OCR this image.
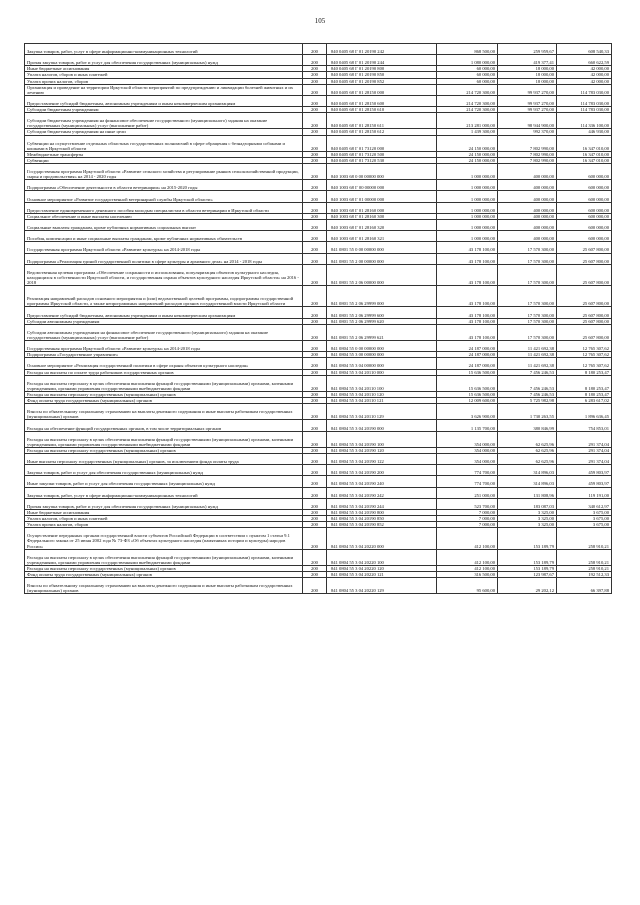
105
Закупка товаров, работ, услуг в сфере информационно-коммуникационных технологий	200	840 0405 68 Г 01 20190 242	868 500,00	259 959,67	608 540,33
Прочая закупка товаров, работ и услуг для обеспечения государственных (муниципальных) нужд	200	840 0405 68 Г 01 20190 244	1 080 000,00	419 377,41	660 622,59
Иные бюджетные ассигнования	200	840 0405 68 Г 01 20190 800	60 000,00	18 000,00	42 000,00
Уплата налогов, сборов и иных платежей	200	840 0405 68 Г 01 20190 850	60 000,00	18 000,00	42 000,00
Уплата прочих налогов, сборов	200	840 0405 68 Г 01 20190 852	60 000,00	18 000,00	42 000,00
Организация и проведение на территории Иркутской области мероприятий по предупреждению и ликвидации болезней животных и их лечению	200	840 0405 68 Г 01 28150 000	214 720 300,00	99 937 270,00	114 783 030,00
Предоставление субсидий бюджетным, автономным учреждениям и иным некоммерческим организациям	200	840 0405 68 Г 01 28150 600	214 720 300,00	99 937 270,00	114 783 030,00
Субсидии бюджетным учреждениям	200	840 0405 68 Г 01 28150 610	214 720 300,00	99 937 270,00	114 783 030,00
Субсидии бюджетным учреждениям на финансовое обеспечение государственного (муниципального) задания на оказание государственных (муниципальных) услуг (выполнение работ)	200	840 0405 68 Г 01 28150 611	213 281 000,00	98 944 900,00	114 336 100,00
Субсидии бюджетным учреждениям на иные цели	200	840 0405 68 Г 01 28150 612	1 439 300,00	992 370,00	446 930,00
Субвенции на осуществление отдельных областных государственных полномочий в сфере обращения с безнадзорными собаками и кошками в Иркутской области	200	840 0405 68 Г 01 73120 000	24 150 000,00	7 802 990,00	16 347 010,00
Межбюджетные трансферты	200	840 0405 68 Г 01 73120 500	24 150 000,00	7 802 990,00	16 347 010,00
Субвенции	200	840 0405 68 Г 01 73120 530	24 150 000,00	7 802 990,00	16 347 010,00
Государственная программа Иркутской области «Развитие сельского хозяйства и регулирование рынков сельскохозяйственной продукции, сырья и продовольствия» на 2014 - 2020 годы	200	840 1003 68 0 00 00000 000	1 000 000,00	400 000,00	600 000,00
Подпрограмма «Обеспечение деятельности в области ветеринарии» на 2015-2020 годы	200	840 1003 68 Г 00 00000 000	1 000 000,00	400 000,00	600 000,00
Основное мероприятие «Развитие государственной ветеринарной службы Иркутской области»	200	840 1003 68 Г 01 00000 000	1 000 000,00	400 000,00	600 000,00
Предоставление единовременного денежного пособия молодым специалистам в области ветеринарии в Иркутской области	200	840 1003 68 Г 01 28160 000	1 000 000,00	400 000,00	600 000,00
Социальное обеспечение и иные выплаты населению	200	840 1003 68 Г 01 28160 300	1 000 000,00	400 000,00	600 000,00
Социальные выплаты гражданам, кроме публичных нормативных социальных выплат	200	840 1003 68 Г 01 28160 320	1 000 000,00	400 000,00	600 000,00
Пособия, компенсации и иные социальные выплаты гражданам, кроме публичных нормативных обязательств	200	840 1003 68 Г 01 28160 321	1 000 000,00	400 000,00	600 000,00
Государственная программа Иркутской области «Развитие культуры» на 2014-2018 годы	200	841 0801 55 0 00 00000 000	43 178 100,00	17 570 300,00	25 607 800,00
Подпрограмма «Реализация единой государственной политики в сфере культуры и архивного дела» на 2014 - 2018 годы	200	841 0801 55 2 00 00000 000	43 178 100,00	17 570 300,00	25 607 800,00
Ведомственная целевая программа «Обеспечение сохранности и использования, популяризация объектов культурного наследия, находящихся в собственности Иркутской области, и государственная охрана объектов культурного наследия Иркутской области» на 2016 - 2018	200	841 0801 55 2 06 00000 000	43 178 100,00	17 570 300,00	25 607 800,00
Реализация направлений расходов основного мероприятия и (или) ведомственной целевой программы, подпрограммы государственной программы Иркутской области, а также непрограммных направлений расходов органов государственной власти Иркутской области	200	841 0801 55 2 06 29999 000	43 178 100,00	17 570 300,00	25 607 800,00
Предоставление субсидий бюджетным, автономным учреждениям и иным некоммерческим организациям	200	841 0801 55 2 06 29999 600	43 178 100,00	17 570 300,00	25 607 800,00
Субсидии автономным учреждениям	200	841 0801 55 2 06 29999 620	43 178 100,00	17 570 300,00	25 607 800,00
Субсидии автономным учреждениям на финансовое обеспечение государственного (муниципального) задания на оказание государственных (муниципальных) услуг (выполнение работ)	200	841 0801 55 2 06 29999 621	43 178 100,00	17 570 300,00	25 607 800,00
Государственная программа Иркутской области «Развитие культуры» на 2014-2018 годы	200	841 0804 55 0 00 00000 000	24 187 000,00	11 421 692,38	12 765 307,62
Подпрограмма «Государственное управление»	200	841 0804 55 3 00 00000 000	24 187 000,00	11 421 692,38	12 765 307,62
Основное мероприятие «Реализация государственной политики в сфере охраны объектов культурного наследия»	200	841 0804 55 3 04 00000 000	24 187 000,00	11 421 692,38	12 765 307,62
Расходы на выплаты по оплате труда работников государственных органов	200	841 0804 55 3 04 20110 000	15 636 500,00	7 456 246,53	8 180 253,47
Расходы на выплаты персоналу в целях обеспечения выполнения функций государственными (муниципальными) органами, казенными учреждениями, органами управления государственными внебюджетными фондами	200	841 0804 55 3 04 20110 100	15 636 500,00	7 456 246,53	8 180 253,47
Расходы на выплаты персоналу государственных (муниципальных) органов	200	841 0804 55 3 04 20110 120	15 636 500,00	7 456 246,53	8 180 253,47
Фонд оплаты труда государственных (муниципальных) органов	200	841 0804 55 3 04 20110 121	12 009 600,00	5 725 982,98	6 283 617,02
Взносы по обязательному социальному страхованию на выплаты денежного содержания и иные выплаты работникам государственных (муниципальных) органов	200	841 0804 55 3 04 20110 129	3 626 900,00	1 730 263,55	1 896 636,45
Расходы на обеспечение функций государственных органов, в том числе территориальных органов	200	841 0804 55 3 04 20190 000	1 135 700,00	380 846,99	754 853,01
Расходы на выплаты персоналу в целях обеспечения выполнения функций государственными (муниципальными) органами, казенными учреждениями, органами управления государственными внебюджетными фондами	200	841 0804 55 3 04 20190 100	354 000,00	62 625,96	291 374,04
Расходы на выплаты персоналу государственных (муниципальных) органов	200	841 0804 55 3 04 20190 120	354 000,00	62 625,96	291 374,04
Иные выплаты персоналу государственных (муниципальных) органов, за исключением фонда оплаты труда	200	841 0804 55 3 04 20190 122	354 000,00	62 625,96	291 374,04
Закупка товаров, работ и услуг для обеспечения государственных (муниципальных) нужд	200	841 0804 55 3 04 20190 200	774 700,00	314 896,03	459 803,97
Иные закупки товаров, работ и услуг для обеспечения государственных (муниципальных) нужд	200	841 0804 55 3 04 20190 240	774 700,00	314 896,03	459 803,97
Закупка товаров, работ, услуг в сфере информационно-коммуникационных технологий	200	841 0804 55 3 04 20190 242	251 000,00	131 808,96	119 191,00
Прочая закупка товаров, работ и услуг для обеспечения государственных (муниципальных) нужд	200	841 0804 55 3 04 20190 244	523 700,00	183 087,03	340 612,97
Иные бюджетные ассигнования	200	841 0804 55 3 04 20190 800	7 000,00	3 325,00	3 675,00
Уплата налогов, сборов и иных платежей	200	841 0804 55 3 04 20190 850	7 000,00	3 325,00	3 675,00
Уплата прочих налогов, сборов	200	841 0804 55 3 04 20190 852	7 000,00	3 325,00	3 675,00
Осуществление переданных органам государственной власти субъектов Российской Федерации в соответствии с пунктом 1 статьи 9.1 Федерального закона от 25 июня 2002 года № 73-ФЗ «Об объектах культурного наследия (памятниках истории и культуры) народов России»	200	841 0804 55 3 04 20220 000	412 100,00	153 189,79	258 910,21
Расходы на выплаты персоналу в целях обеспечения выполнения функций государственными (муниципальными) органами, казенными учреждениями, органами управления государственными внебюджетными фондами	200	841 0804 55 3 04 20220 100	412 100,00	153 189,79	258 910,21
Расходы на выплаты персоналу государственных (муниципальных) органов	200	841 0804 55 3 04 20220 120	412 100,00	153 189,79	258 910,21
Фонд оплаты труда государственных (муниципальных) органов	200	841 0804 55 3 04 20220 121	316 500,00	123 987,67	192 512,33
Взносы по обязательному социальному страхованию на выплаты денежного содержания и иные выплаты работникам государственных (муниципальных) органов	200	841 0804 55 3 04 20220 129	95 600,00	29 202,12	66 397,88
